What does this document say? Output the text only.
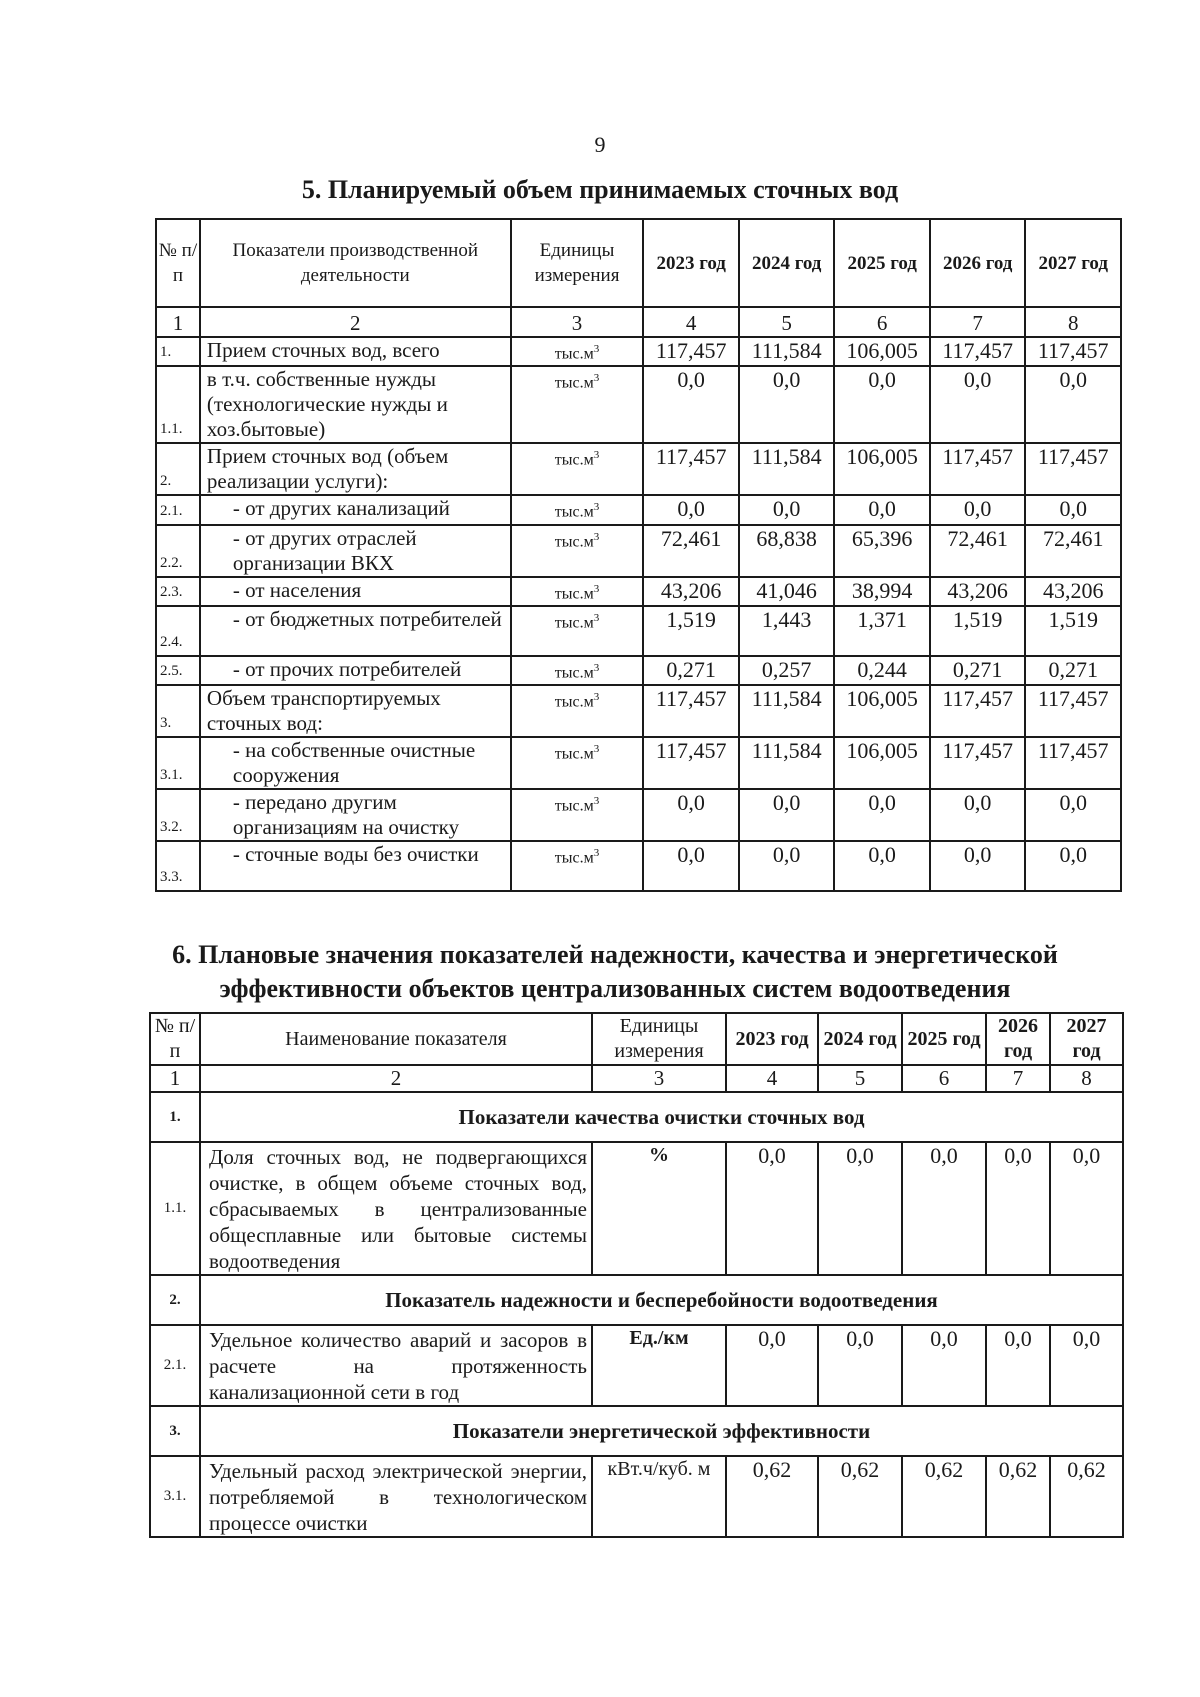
9
5. Планируемый объем принимаемых сточных вод
№ п/п	Показатели производственной деятельности	Единицы измерения	2023 год	2024 год	2025 год	2026 год	2027 год
1	2	3	4	5	6	7	8
1.	Прием сточных вод, всего	$тыс.м^3$	117,457	111,584	106,005	117,457	117,457
1.1.	в т.ч. собственные нужды (технологические нужды и хоз.бытовые)	$тыс.м^3$	0,0	0,0	0,0	0,0	0,0
2.	Прием сточных вод (объем реализации услуги):	$тыс.м^3$	117,457	111,584	106,005	117,457	117,457
2.1.	- от других канализаций	$тыс.м^3$	0,0	0,0	0,0	0,0	0,0
2.2.	- от других отраслей организации ВКХ	$тыс.м^3$	72,461	68,838	65,396	72,461	72,461
2.3.	- от населения	$тыс.м^3$	43,206	41,046	38,994	43,206	43,206
2.4.	- от бюджетных потребителей	$тыс.м^3$	1,519	1,443	1,371	1,519	1,519
2.5.	- от прочих потребителей	$тыс.м^3$	0,271	0,257	0,244	0,271	0,271
3.	Объем транспортируемых сточных вод:	$тыс.м^3$	117,457	111,584	106,005	117,457	117,457
3.1.	- на собственные очистные сооружения	$тыс.м^3$	117,457	111,584	106,005	117,457	117,457
3.2.	- передано другим организациям на очистку	$тыс.м^3$	0,0	0,0	0,0	0,0	0,0
3.3.	- сточные воды без очистки	$тыс.м^3$	0,0	0,0	0,0	0,0	0,0
6. Плановые значения показателей надежности, качества и энергетической эффективности объектов централизованных систем водоотведения
№ п/п	Наименование показателя	Единицы измерения	2023 год	2024 год	2025 год	2026 год	2027 год
1	2	3	4	5	6	7	8
1.	Показатели качества очистки сточных вод						
1.1.	Доля сточных вод, не подвергающихся очистке, в общем объеме сточных вод, сбрасываемых в централизованные общесплавные или бытовые системы водоотведения	%	0,0	0,0	0,0	0,0	0,0
2.	Показатель надежности и бесперебойности водоотведения						
2.1.	Удельное количество аварий и засоров в расчете на протяженность канализационной сети в год	Ед./км	0,0	0,0	0,0	0,0	0,0
3.	Показатели энергетической эффективности						
3.1.	Удельный расход электрической энергии, потребляемой в технологическом процессе очистки	кВт.ч/куб. м	0,62	0,62	0,62	0,62	0,62
